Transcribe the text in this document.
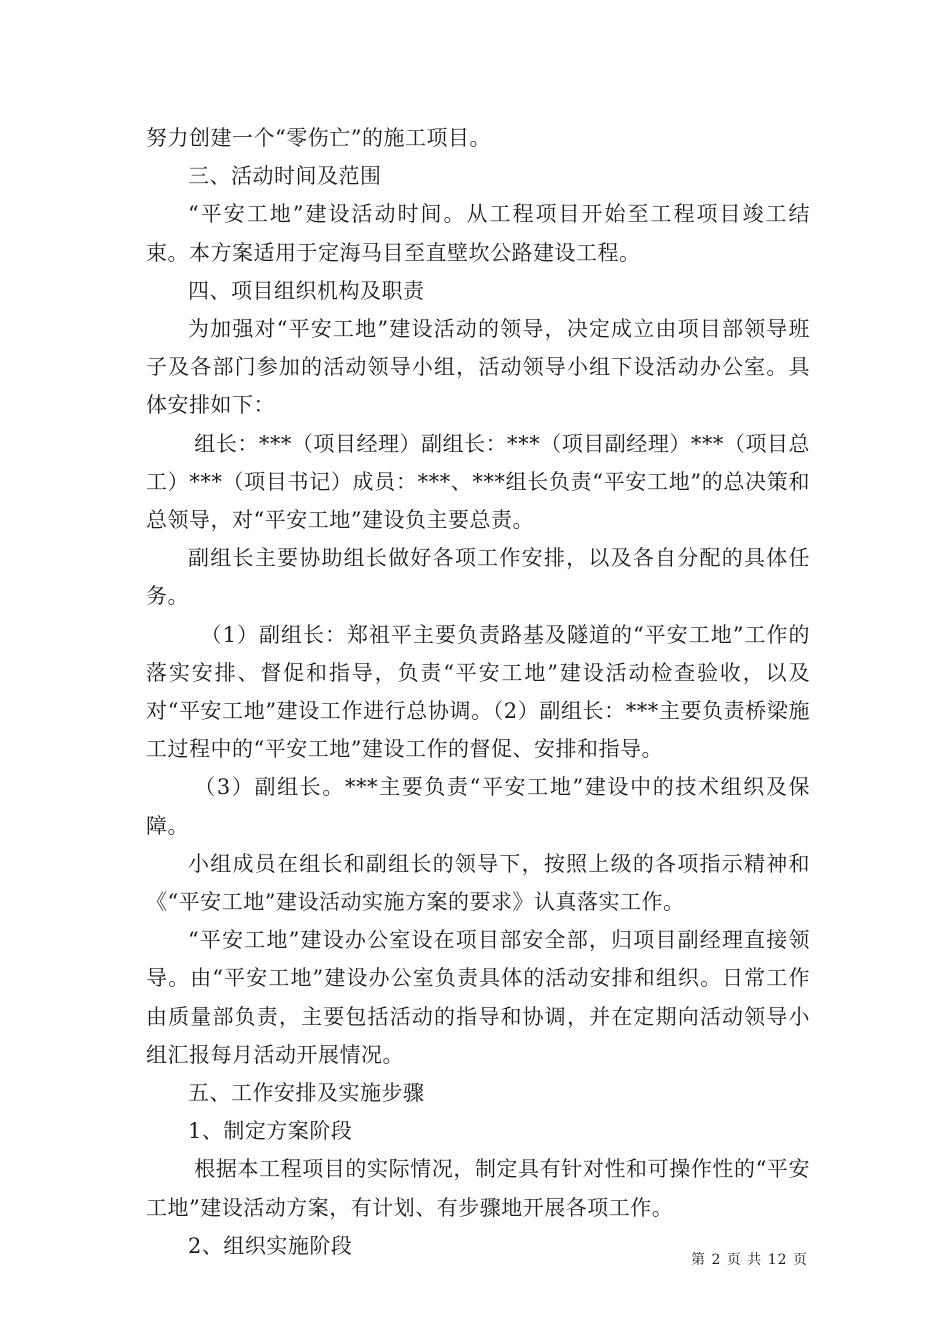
努力创建一个“零伤亡”的施工项目。

三、活动时间及范围

“平安工地”建设活动时间。从工程项目开始至工程项目竣工结束。本方案适用于定海马目至直壁坎公路建设工程。

四、项目组织机构及职责

为加强对“平安工地”建设活动的领导，决定成立由项目部领导班子及各部门参加的活动领导小组，活动领导小组下设活动办公室。具体安排如下：

组长：***（项目经理）副组长：***（项目副经理）***（项目总工）***（项目书记）成员：***、***组长负责“平安工地”的总决策和总领导，对“平安工地”建设负主要总责。

副组长主要协助组长做好各项工作安排，以及各自分配的具体任务。

（1）副组长：郑祖平主要负责路基及隧道的“平安工地”工作的落实安排、督促和指导，负责“平安工地”建设活动检查验收，以及对“平安工地”建设工作进行总协调。（2）副组长：***主要负责桥梁施工过程中的“平安工地”建设工作的督促、安排和指导。

（3）副组长。***主要负责“平安工地”建设中的技术组织及保障。

小组成员在组长和副组长的领导下，按照上级的各项指示精神和《“平安工地”建设活动实施方案的要求》认真落实工作。

“平安工地”建设办公室设在项目部安全部，归项目副经理直接领导。由“平安工地”建设办公室负责具体的活动安排和组织。日常工作由质量部负责，主要包括活动的指导和协调，并在定期向活动领导小组汇报每月活动开展情况。

五、工作安排及实施步骤

1、制定方案阶段

根据本工程项目的实际情况，制定具有针对性和可操作性的“平安工地”建设活动方案，有计划、有步骤地开展各项工作。

2、组织实施阶段

第 2 页 共 12 页
